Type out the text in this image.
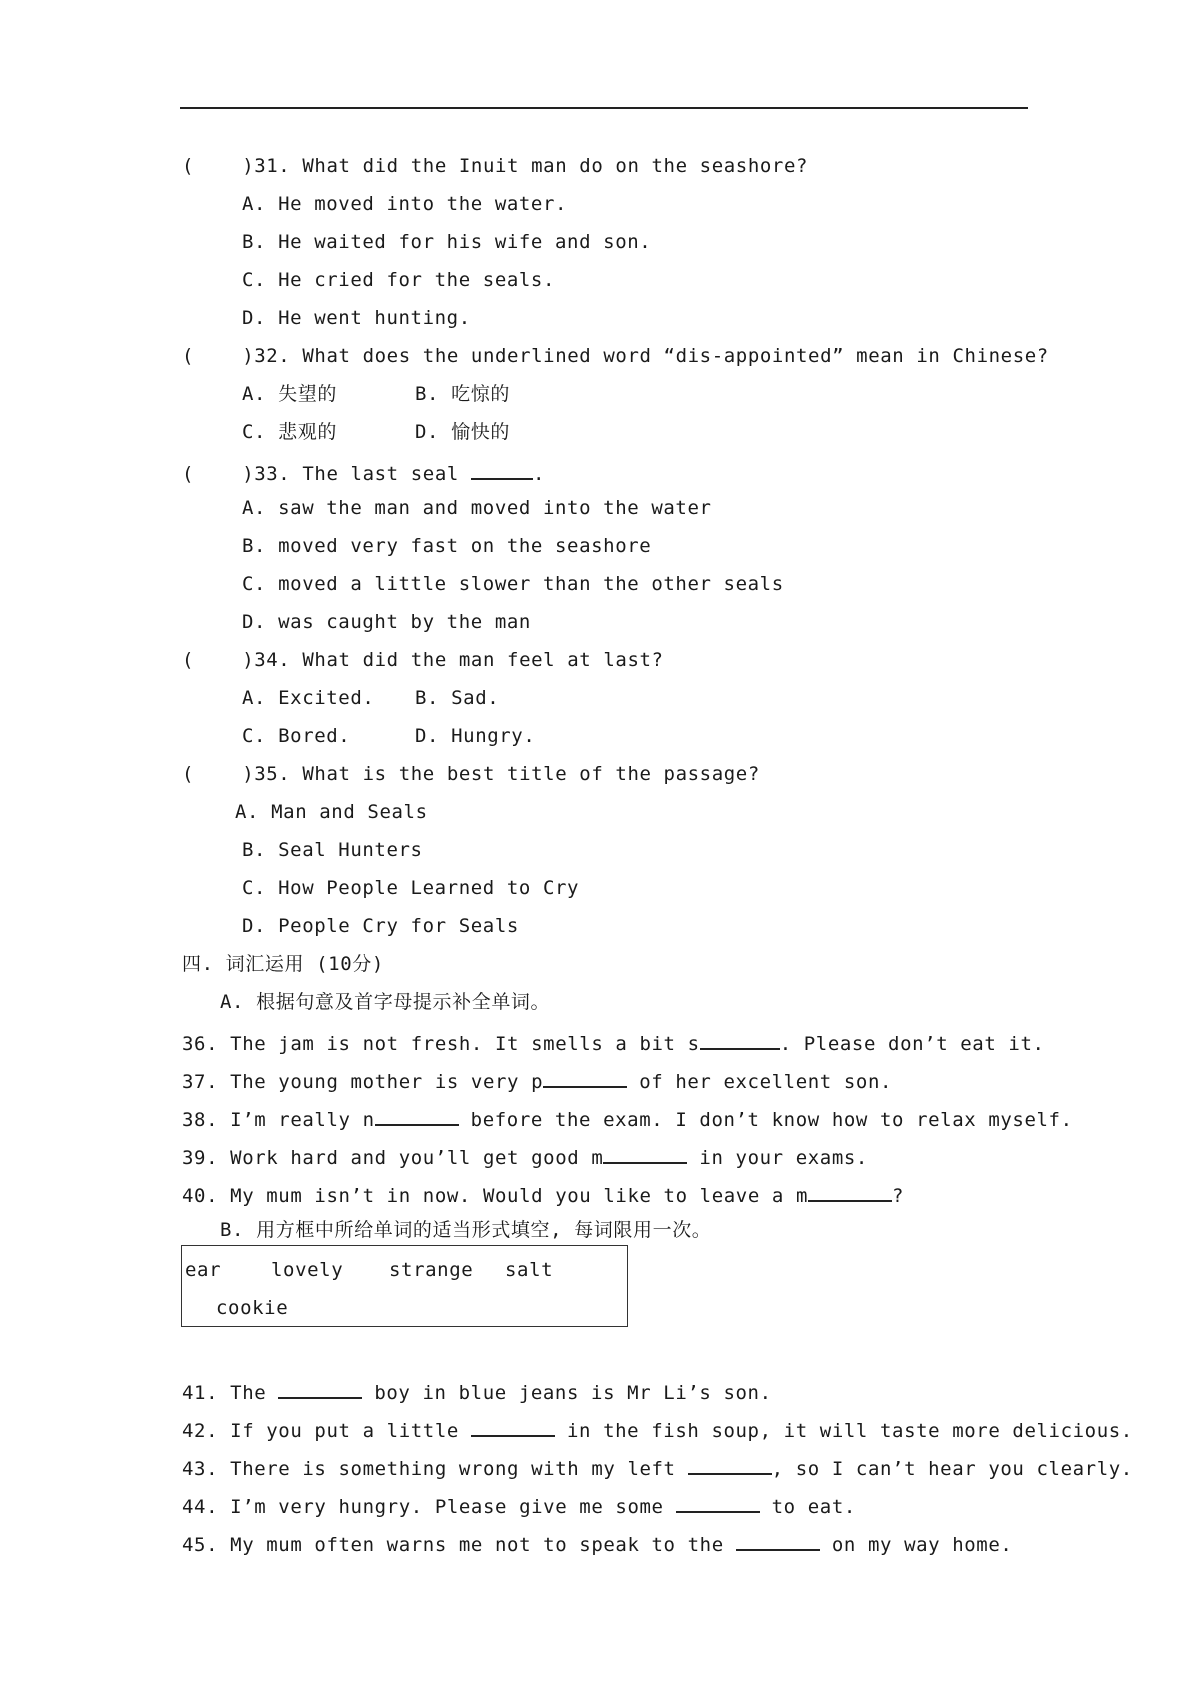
(    )31. What did the Inuit man do on the seashore?
A. He moved into the water.
B. He waited for his wife and son.
C. He cried for the seals.
D. He went hunting.
(    )32. What does the underlined word “dis-appointed” mean in Chinese?
A. 失望的	B. 吃惊的
C. 悲观的	D. 愉快的
(    )33. The last seal	.
A. saw the man and moved into the water
B. moved very fast on the seashore
C. moved a little slower than the other seals
D. was caught by the man
(    )34. What did the man feel at last?
A. Excited. B. Sad.
C. Bored.	D. Hungry.
(    )35. What is the best title of the passage?
A. Man and Seals
B. Seal Hunters
C. How People Learned to Cry
D. People Cry for Seals
四. 词汇运用 (10分)
A. 根据句意及首字母提示补全单词。
36. The jam is not fresh. It smells a bit s	. Please don’t eat it.
37. The young mother is very p	of her excellent son.
38. I’m really n	before the exam. I don’t know how to relax myself.
39. Work hard and you’ll get good m	in your exams.
40. My mum isn’t in now. Would you like to leave a m	?
B. 用方框中所给单词的适当形式填空, 每词限用一次。
ear	lovely strange salt
cookie
41. The	boy in blue jeans is Mr Li’s son.
42. If you put a little	in the fish soup, it will taste more delicious.
43. There is something wrong with my left	, so I can’t hear you clearly.
44. I’m very hungry. Please give me some	to eat.
45. My mum often warns me not to speak to the	on my way home.
